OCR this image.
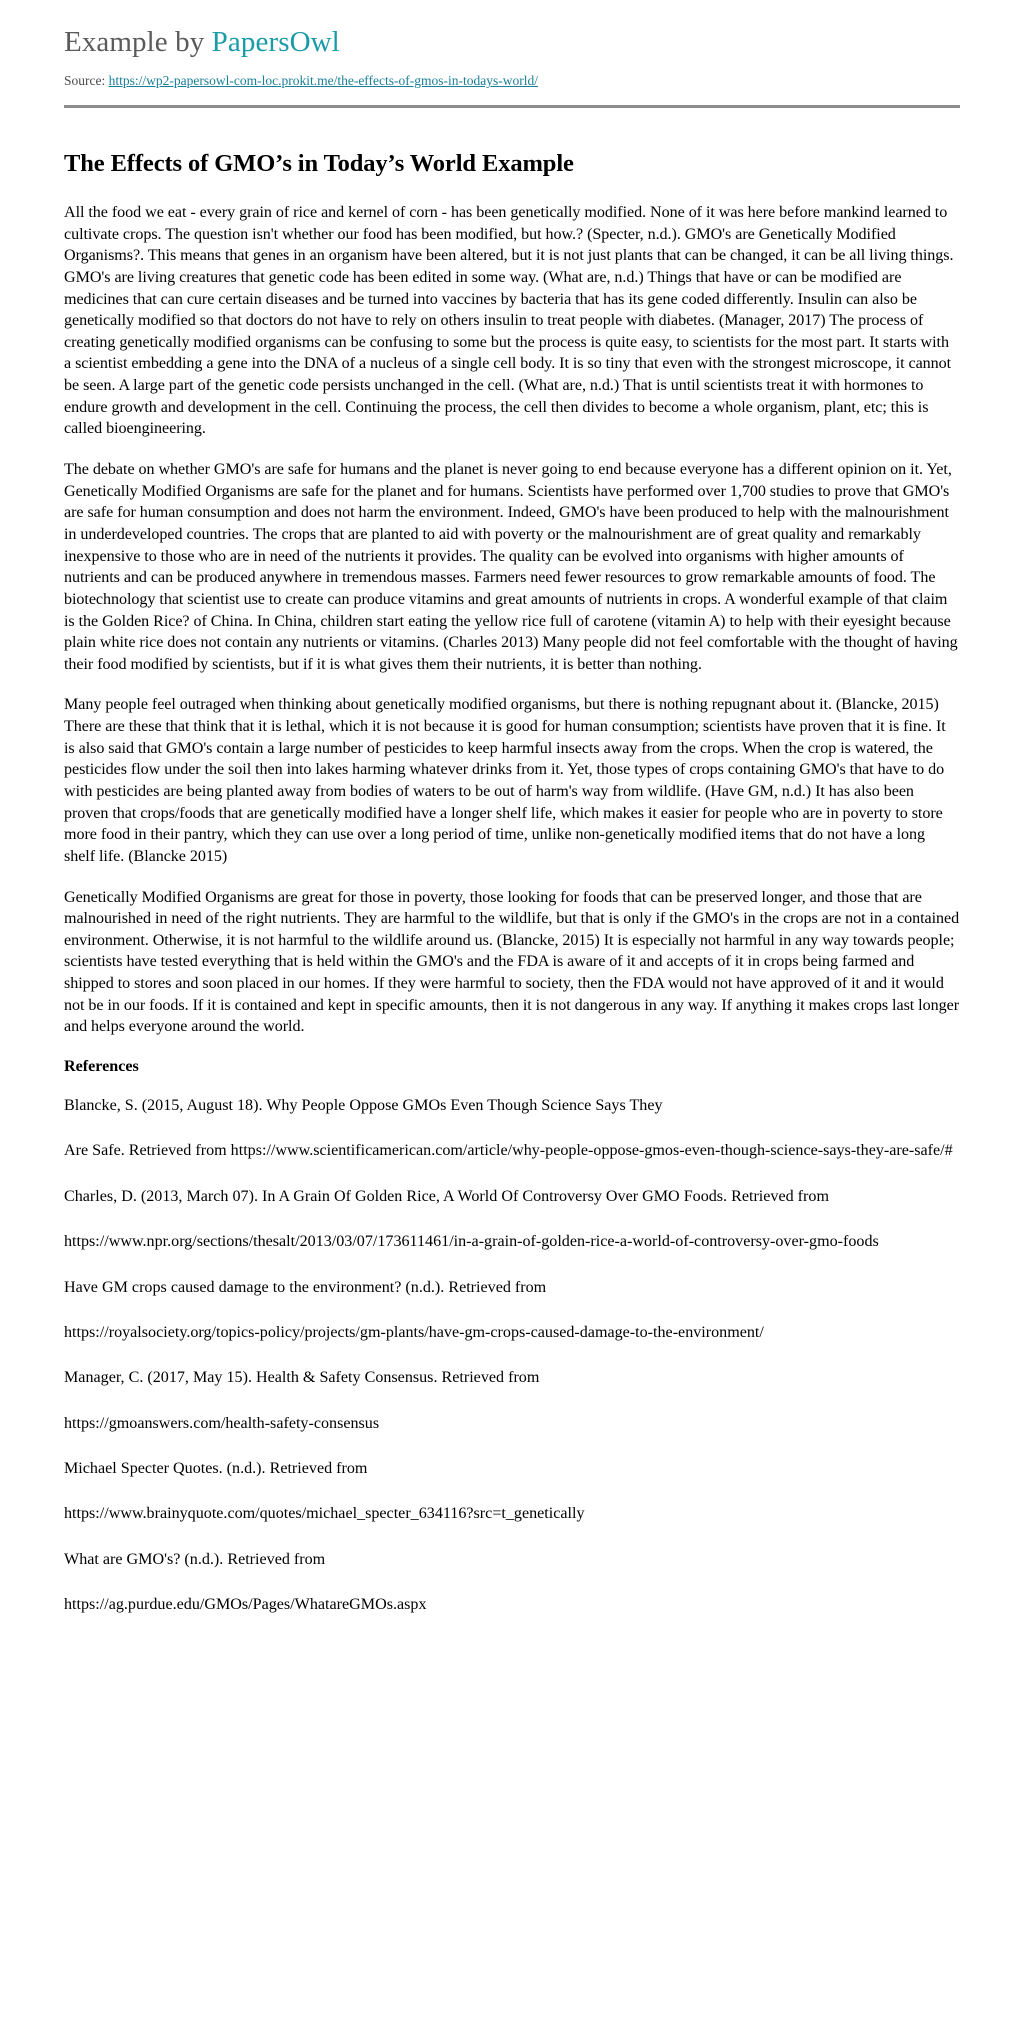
Example by PapersOwl
Source: https://wp2-papersowl-com-loc.prokit.me/the-effects-of-gmos-in-todays-world/
The Effects of GMO’s in Today’s World Example

All the food we eat - every grain of rice and kernel of corn - has been genetically modified. None of it was here before mankind learned to cultivate crops. The question isn't whether our food has been modified, but how.? (Specter, n.d.). GMO's are Genetically Modified Organisms?. This means that genes in an organism have been altered, but it is not just plants that can be changed, it can be all living things. GMO's are living creatures that genetic code has been edited in some way. (What are, n.d.) Things that have or can be modified are medicines that can cure certain diseases and be turned into vaccines by bacteria that has its gene coded differently. Insulin can also be genetically modified so that doctors do not have to rely on others insulin to treat people with diabetes. (Manager, 2017) The process of creating genetically modified organisms can be confusing to some but the process is quite easy, to scientists for the most part. It starts with a scientist embedding a gene into the DNA of a nucleus of a single cell body. It is so tiny that even with the strongest microscope, it cannot be seen. A large part of the genetic code persists unchanged in the cell. (What are, n.d.) That is until scientists treat it with hormones to endure growth and development in the cell. Continuing the process, the cell then divides to become a whole organism, plant, etc; this is called bioengineering.

The debate on whether GMO's are safe for humans and the planet is never going to end because everyone has a different opinion on it. Yet, Genetically Modified Organisms are safe for the planet and for humans. Scientists have performed over 1,700 studies to prove that GMO's are safe for human consumption and does not harm the environment. Indeed, GMO's have been produced to help with the malnourishment in underdeveloped countries. The crops that are planted to aid with poverty or the malnourishment are of great quality and remarkably inexpensive to those who are in need of the nutrients it provides. The quality can be evolved into organisms with higher amounts of nutrients and can be produced anywhere in tremendous masses. Farmers need fewer resources to grow remarkable amounts of food. The biotechnology that scientist use to create can produce vitamins and great amounts of nutrients in crops. A wonderful example of that claim is the Golden Rice? of China. In China, children start eating the yellow rice full of carotene (vitamin A) to help with their eyesight because plain white rice does not contain any nutrients or vitamins. (Charles 2013) Many people did not feel comfortable with the thought of having their food modified by scientists, but if it is what gives them their nutrients, it is better than nothing.

Many people feel outraged when thinking about genetically modified organisms, but there is nothing repugnant about it. (Blancke, 2015) There are these that think that it is lethal, which it is not because it is good for human consumption; scientists have proven that it is fine. It is also said that GMO's contain a large number of pesticides to keep harmful insects away from the crops. When the crop is watered, the pesticides flow under the soil then into lakes harming whatever drinks from it. Yet, those types of crops containing GMO's that have to do with pesticides are being planted away from bodies of waters to be out of harm's way from wildlife. (Have GM, n.d.) It has also been proven that crops/foods that are genetically modified have a longer shelf life, which makes it easier for people who are in poverty to store more food in their pantry, which they can use over a long period of time, unlike non-genetically modified items that do not have a long shelf life. (Blancke 2015)

Genetically Modified Organisms are great for those in poverty, those looking for foods that can be preserved longer, and those that are malnourished in need of the right nutrients. They are harmful to the wildlife, but that is only if the GMO's in the crops are not in a contained environment. Otherwise, it is not harmful to the wildlife around us. (Blancke, 2015) It is especially not harmful in any way towards people; scientists have tested everything that is held within the GMO's and the FDA is aware of it and accepts of it in crops being farmed and shipped to stores and soon placed in our homes. If they were harmful to society, then the FDA would not have approved of it and it would not be in our foods. If it is contained and kept in specific amounts, then it is not dangerous in any way. If anything it makes crops last longer and helps everyone around the world.

References

Blancke, S. (2015, August 18). Why People Oppose GMOs Even Though Science Says They

Are Safe. Retrieved from https://www.scientificamerican.com/article/why-people-oppose-gmos-even-though-science-says-they-are-safe/#

Charles, D. (2013, March 07). In A Grain Of Golden Rice, A World Of Controversy Over GMO Foods. Retrieved from

https://www.npr.org/sections/thesalt/2013/03/07/173611461/in-a-grain-of-golden-rice-a-world-of-controversy-over-gmo-foods

Have GM crops caused damage to the environment? (n.d.). Retrieved from

https://royalsociety.org/topics-policy/projects/gm-plants/have-gm-crops-caused-damage-to-the-environment/

Manager, C. (2017, May 15). Health & Safety Consensus. Retrieved from

https://gmoanswers.com/health-safety-consensus

Michael Specter Quotes. (n.d.). Retrieved from

https://www.brainyquote.com/quotes/michael_specter_634116?src=t_genetically

What are GMO's? (n.d.). Retrieved from

https://ag.purdue.edu/GMOs/Pages/WhatareGMOs.aspx
